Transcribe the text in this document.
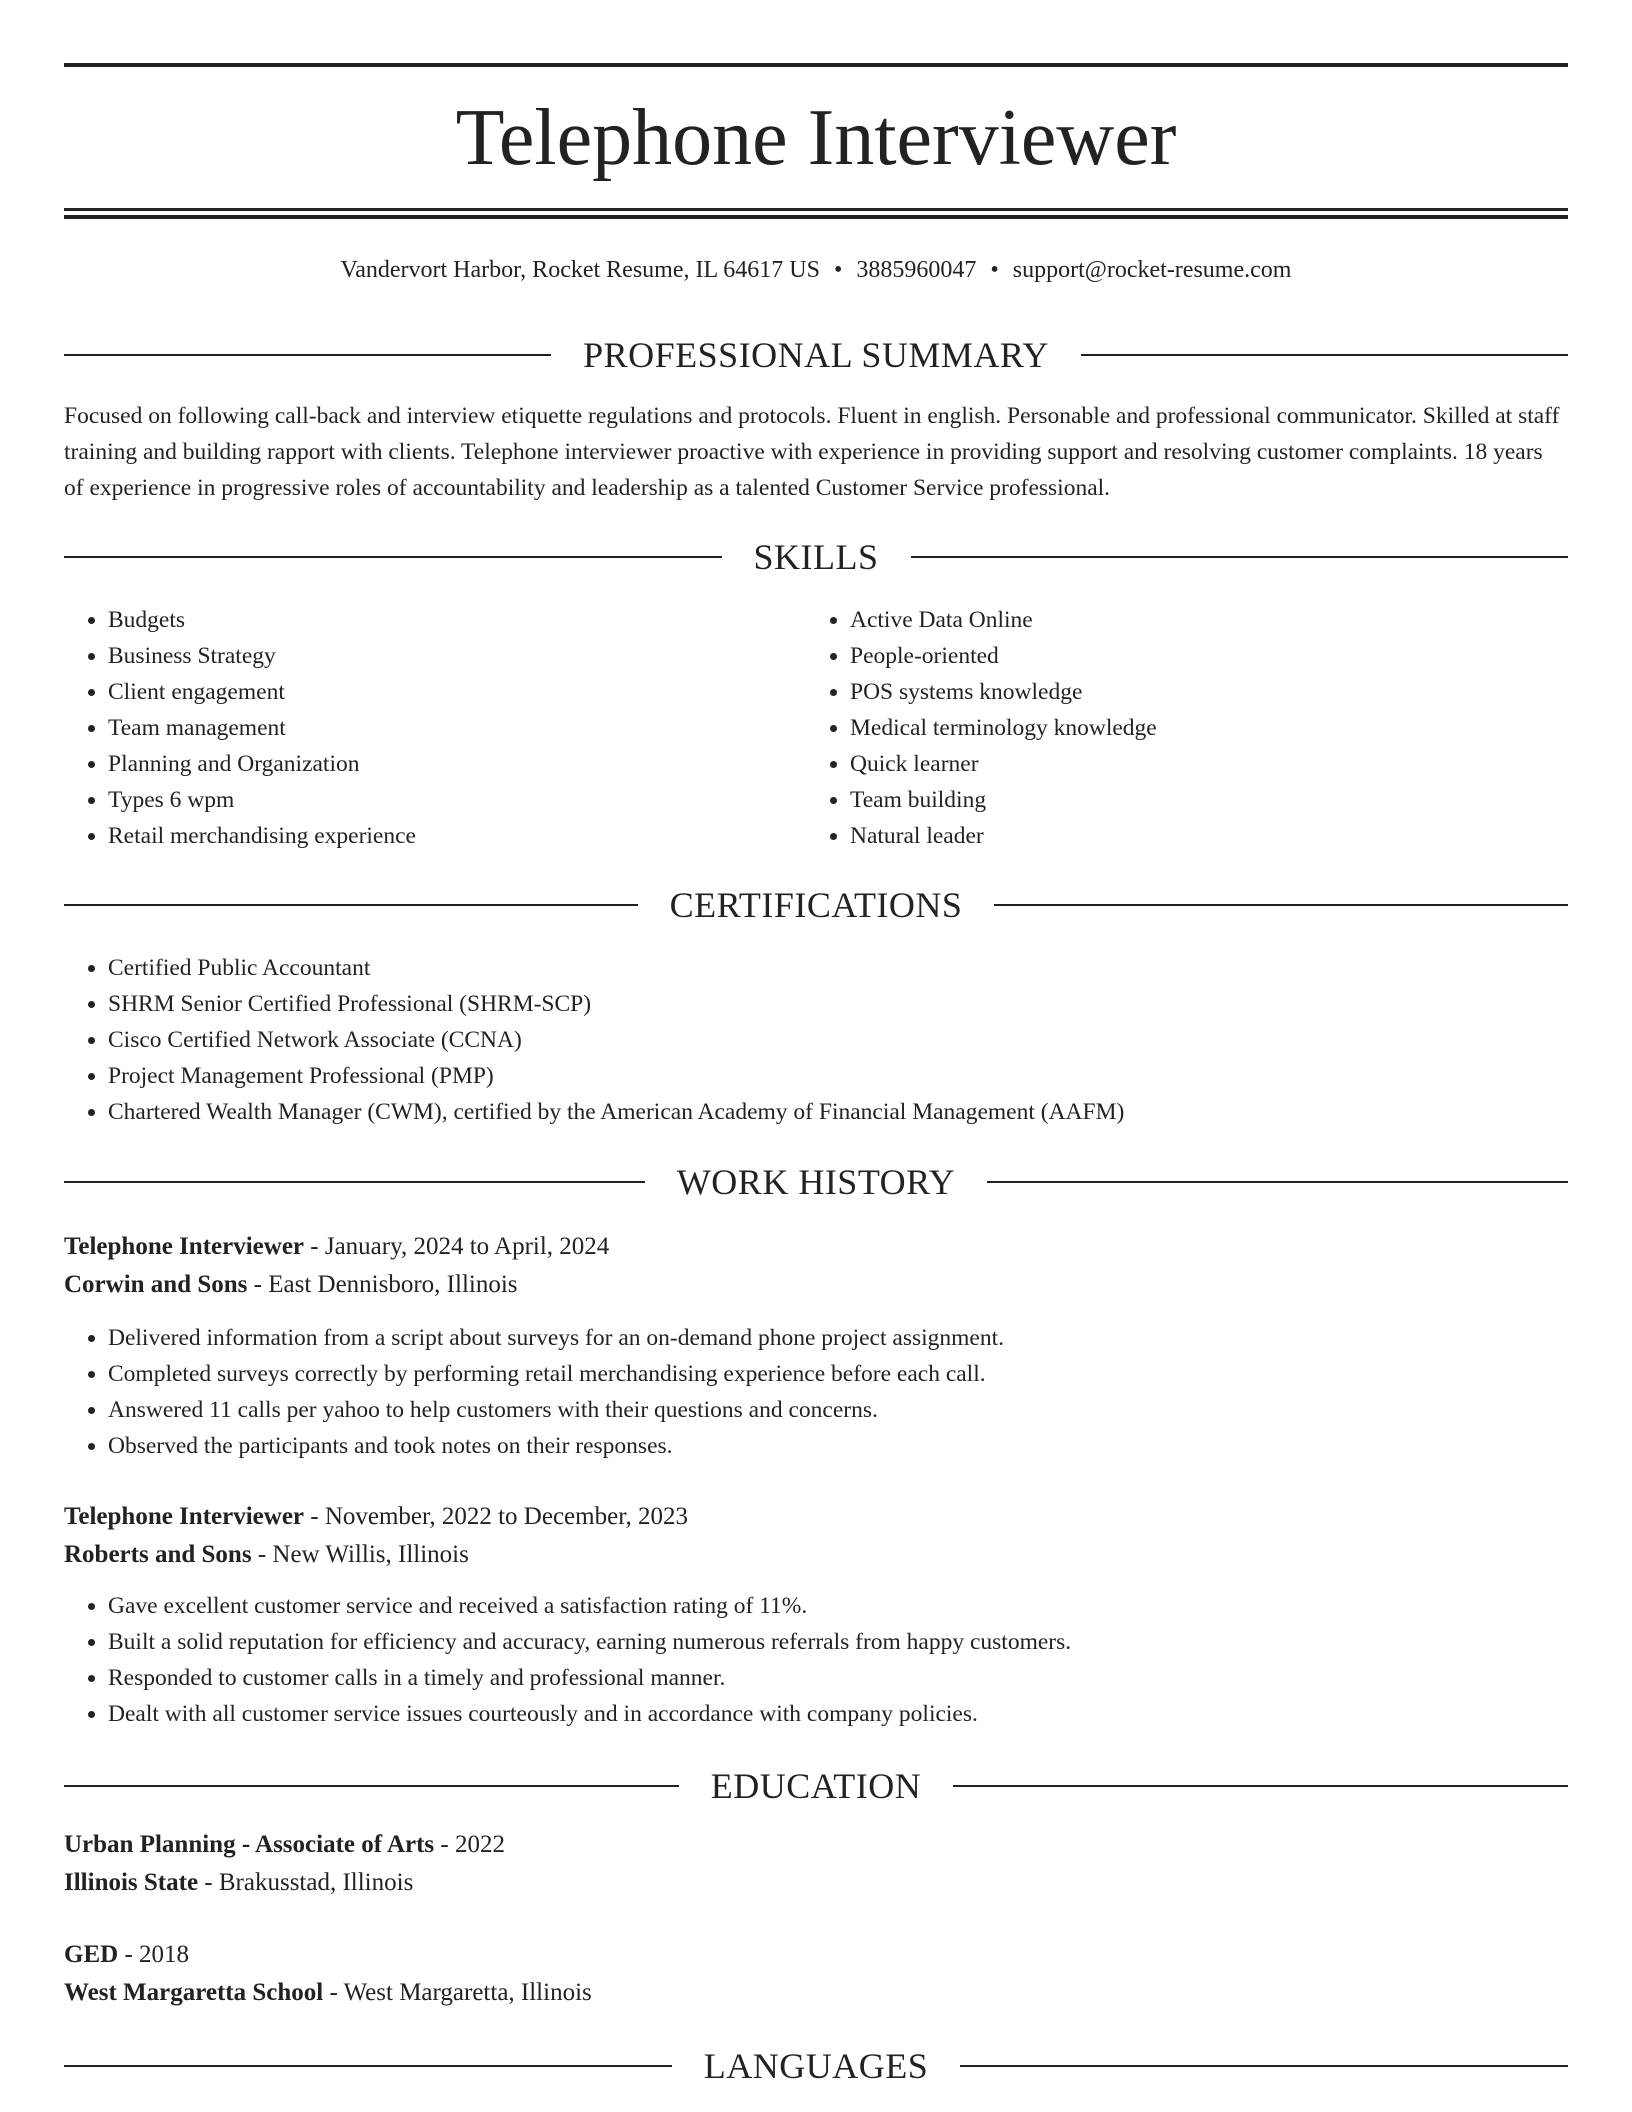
Telephone Interviewer
Vandervort Harbor, Rocket Resume, IL 64617 US • 3885960047 • support@rocket-resume.com
PROFESSIONAL SUMMARY
Focused on following call-back and interview etiquette regulations and protocols. Fluent in english. Personable and professional communicator. Skilled at staff training and building rapport with clients. Telephone interviewer proactive with experience in providing support and resolving customer complaints. 18 years of experience in progressive roles of accountability and leadership as a talented Customer Service professional.
SKILLS
• Budgets
• Business Strategy
• Client engagement
• Team management
• Planning and Organization
• Types 6 wpm
• Retail merchandising experience
• Active Data Online
• People-oriented
• POS systems knowledge
• Medical terminology knowledge
• Quick learner
• Team building
• Natural leader
CERTIFICATIONS
• Certified Public Accountant
• SHRM Senior Certified Professional (SHRM-SCP)
• Cisco Certified Network Associate (CCNA)
• Project Management Professional (PMP)
• Chartered Wealth Manager (CWM), certified by the American Academy of Financial Management (AAFM)
WORK HISTORY
Telephone Interviewer - January, 2024 to April, 2024
Corwin and Sons - East Dennisboro, Illinois
• Delivered information from a script about surveys for an on-demand phone project assignment.
• Completed surveys correctly by performing retail merchandising experience before each call.
• Answered 11 calls per yahoo to help customers with their questions and concerns.
• Observed the participants and took notes on their responses.
Telephone Interviewer - November, 2022 to December, 2023
Roberts and Sons - New Willis, Illinois
• Gave excellent customer service and received a satisfaction rating of 11%.
• Built a solid reputation for efficiency and accuracy, earning numerous referrals from happy customers.
• Responded to customer calls in a timely and professional manner.
• Dealt with all customer service issues courteously and in accordance with company policies.
EDUCATION
Urban Planning - Associate of Arts - 2022
Illinois State - Brakusstad, Illinois
GED - 2018
West Margaretta School - West Margaretta, Illinois
LANGUAGES
